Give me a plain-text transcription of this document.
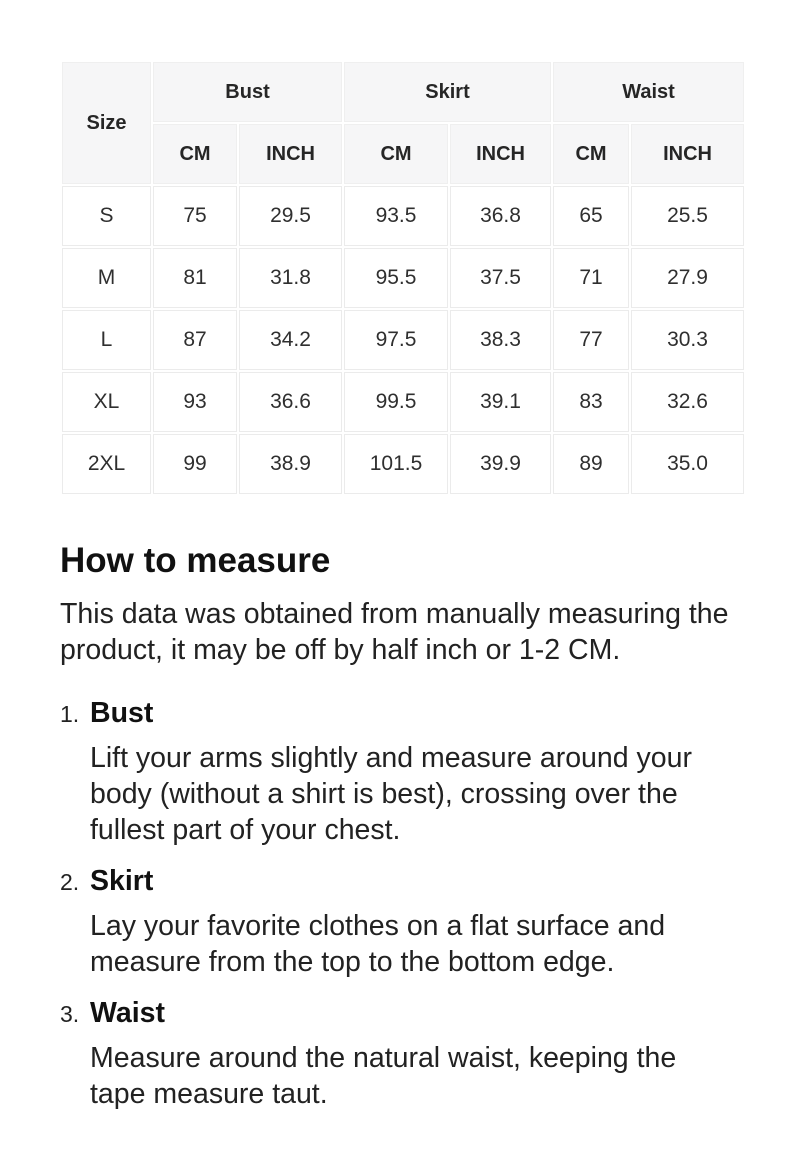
Size	Bust		Skirt		Waist	
	CM	INCH	CM	INCH	CM	INCH
S	75	29.5	93.5	36.8	65	25.5
M	81	31.8	95.5	37.5	71	27.9
L	87	34.2	97.5	38.3	77	30.3
XL	93	36.6	99.5	39.1	83	32.6
2XL	99	38.9	101.5	39.9	89	35.0
How to measure

This data was obtained from manually measuring the product, it may be off by half inch or 1-2 CM.

1. Bust

Lift your arms slightly and measure around your body (without a shirt is best), crossing over the fullest part of your chest.

2. Skirt

Lay your favorite clothes on a flat surface and measure from the top to the bottom edge.

3. Waist

Measure around the natural waist, keeping the tape measure taut.
